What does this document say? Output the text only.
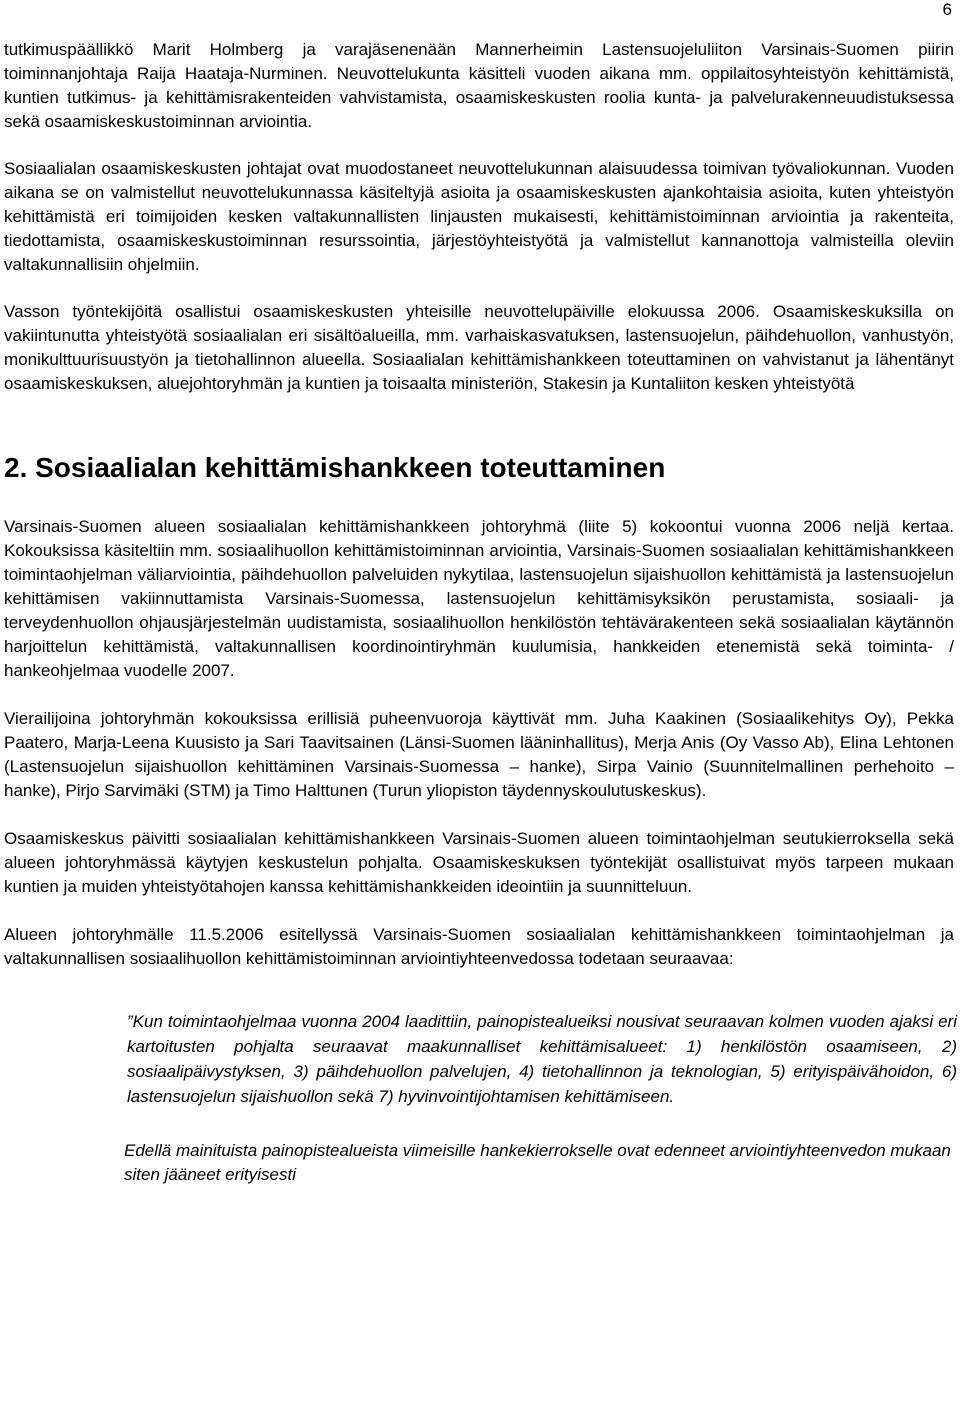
6

tutkimuspäällikkö Marit Holmberg ja varajäsenenään Mannerheimin Lastensuojeluliiton Varsinais-Suomen piirin toiminnanjohtaja Raija Haataja-Nurminen. Neuvottelukunta käsitteli vuoden aikana mm. oppilaitosyhteistyön kehittämistä, kuntien tutkimus- ja kehittämisrakenteiden vahvistamista, osaamiskeskusten roolia kunta- ja palvelurakenneuudistuksessa sekä osaamiskeskustoiminnan arviointia.

Sosiaalialan osaamiskeskusten johtajat ovat muodostaneet neuvottelukunnan alaisuudessa toimivan työvaliokunnan. Vuoden aikana se on valmistellut neuvottelukunnassa käsiteltyjä asioita ja osaamiskeskusten ajankohtaisia asioita, kuten yhteistyön kehittämistä eri toimijoiden kesken valtakunnallisten linjausten mukaisesti, kehittämistoiminnan arviointia ja rakenteita, tiedottamista, osaamiskeskustoiminnan resurssointia, järjestöyhteistyötä ja valmistellut kannanottoja valmisteilla oleviin valtakunnallisiin ohjelmiin.

Vasson työntekijöitä osallistui osaamiskeskusten yhteisille neuvottelupäiville elokuussa 2006. Osaamiskeskuksilla on vakiintunutta yhteistyötä sosiaalialan eri sisältöalueilla, mm. varhaiskasvatuksen, lastensuojelun, päihdehuollon, vanhustyön, monikulttuurisuustyön ja tietohallinnon alueella. Sosiaalialan kehittämishankkeen toteuttaminen on vahvistanut ja lähentänyt osaamiskeskuksen, aluejohtoryhmän ja kuntien ja toisaalta ministeriön, Stakesin ja Kuntaliiton kesken yhteistyötä

2. Sosiaalialan kehittämishankkeen toteuttaminen

Varsinais-Suomen alueen sosiaalialan kehittämishankkeen johtoryhmä (liite 5) kokoontui vuonna 2006 neljä kertaa. Kokouksissa käsiteltiin mm. sosiaalihuollon kehittämistoiminnan arviointia, Varsinais-Suomen sosiaalialan kehittämishankkeen toimintaohjelman väliarviointia, päihdehuollon palveluiden nykytilaa, lastensuojelun sijaishuollon kehittämistä ja lastensuojelun kehittämisen vakiinnuttamista Varsinais-Suomessa, lastensuojelun kehittämisyksikön perustamista, sosiaali- ja terveydenhuollon ohjausjärjestelmän uudistamista, sosiaalihuollon henkilöstön tehtävärakenteen sekä sosiaalialan käytännön harjoittelun kehittämistä, valtakunnallisen koordinointiryhmän kuulumisia, hankkeiden etenemistä sekä toiminta- / hankeohjelmaa vuodelle 2007.

Vierailijoina johtoryhmän kokouksissa erillisiä puheenvuoroja käyttivät mm. Juha Kaakinen (Sosiaalikehitys Oy), Pekka Paatero, Marja-Leena Kuusisto ja Sari Taavitsainen (Länsi-Suomen lääninhallitus), Merja Anis (Oy Vasso Ab), Elina Lehtonen (Lastensuojelun sijaishuollon kehittäminen Varsinais-Suomessa – hanke), Sirpa Vainio (Suunnitelmallinen perhehoito – hanke), Pirjo Sarvimäki (STM) ja Timo Halttunen (Turun yliopiston täydennyskoulutuskeskus).

Osaamiskeskus päivitti sosiaalialan kehittämishankkeen Varsinais-Suomen alueen toimintaohjelman seutukierroksella sekä alueen johtoryhmässä käytyjen keskustelun pohjalta. Osaamiskeskuksen työntekijät osallistuivat myös tarpeen mukaan kuntien ja muiden yhteistyötahojen kanssa kehittämishankkeiden ideointiin ja suunnitteluun.

Alueen johtoryhmälle 11.5.2006 esitellyssä Varsinais-Suomen sosiaalialan kehittämishankkeen toimintaohjelman ja valtakunnallisen sosiaalihuollon kehittämistoiminnan arviointiyhteenvedossa todetaan seuraavaa:

”Kun toimintaohjelmaa vuonna 2004 laadittiin, painopistealueiksi nousivat seuraavan kolmen vuoden ajaksi eri kartoitusten pohjalta seuraavat maakunnalliset kehittämisalueet: 1) henkilöstön osaamiseen, 2) sosiaalipäivystyksen, 3) päihdehuollon palvelujen, 4) tietohallinnon ja teknologian, 5) erityispäivähoidon, 6) lastensuojelun sijaishuollon sekä 7) hyvinvointijohtamisen kehittämiseen.

Edellä mainituista painopistealueista viimeisille hankekierrokselle ovat edenneet arviointiyhteenvedon mukaan siten jääneet erityisesti
